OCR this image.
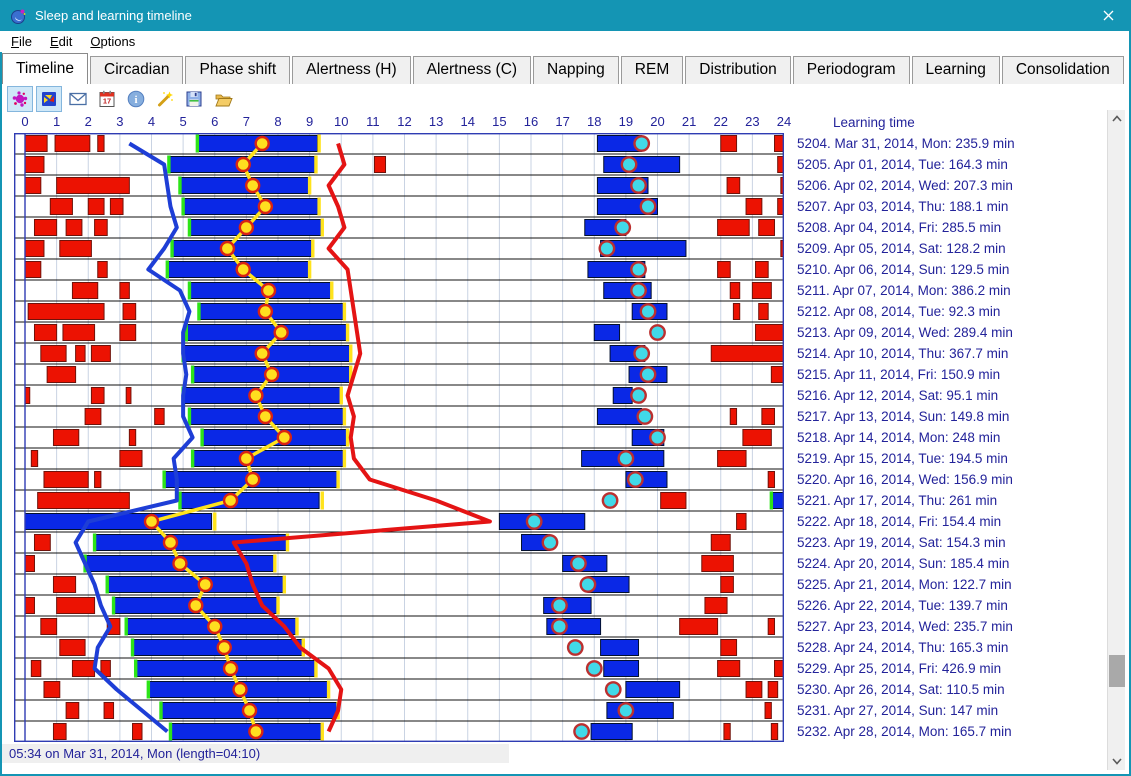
Sleep and learning timeline
File	Edit	Options
Timeline	Circadian	Phase shift	Alertness (H)	Alertness (C)	Napping	REM	Distribution	Periodogram	Learning	Consolidation
17 i
0	1	2	3	4	5	6	7	8	9	10	11	12	13	14	15	16	17	18	19	20	21	22	23	24	Learning time
5204. Mar 31, 2014, Mon: 235.9 min
5205. Apr 01, 2014, Tue: 164.3 min
5206. Apr 02, 2014, Wed: 207.3 min
5207. Apr 03, 2014, Thu: 188.1 min
5208. Apr 04, 2014, Fri: 285.5 min
5209. Apr 05, 2014, Sat: 128.2 min
5210. Apr 06, 2014, Sun: 129.5 min
5211. Apr 07, 2014, Mon: 386.2 min
5212. Apr 08, 2014, Tue: 92.3 min
5213. Apr 09, 2014, Wed: 289.4 min
5214. Apr 10, 2014, Thu: 367.7 min
5215. Apr 11, 2014, Fri: 150.9 min
5216. Apr 12, 2014, Sat: 95.1 min
5217. Apr 13, 2014, Sun: 149.8 min
5218. Apr 14, 2014, Mon: 248 min
5219. Apr 15, 2014, Tue: 194.5 min
5220. Apr 16, 2014, Wed: 156.9 min
5221. Apr 17, 2014, Thu: 261 min
5222. Apr 18, 2014, Fri: 154.4 min
5223. Apr 19, 2014, Sat: 154.3 min
5224. Apr 20, 2014, Sun: 185.4 min
5225. Apr 21, 2014, Mon: 122.7 min
5226. Apr 22, 2014, Tue: 139.7 min
5227. Apr 23, 2014, Wed: 235.7 min
5228. Apr 24, 2014, Thu: 165.3 min
5229. Apr 25, 2014, Fri: 426.9 min
5230. Apr 26, 2014, Sat: 110.5 min
5231. Apr 27, 2014, Sun: 147 min
5232. Apr 28, 2014, Mon: 165.7 min
05:34 on Mar 31, 2014, Mon (length=04:10)
